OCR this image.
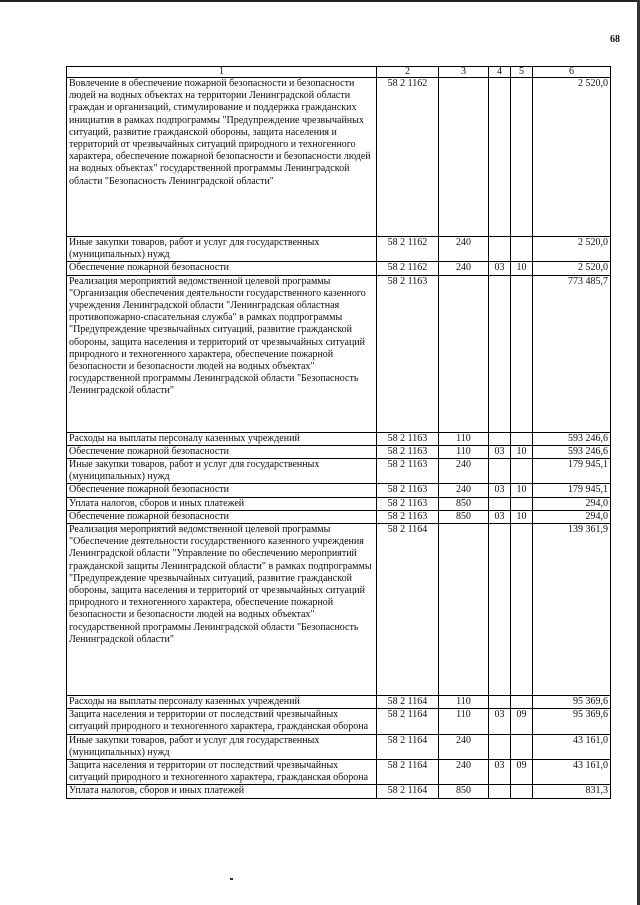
68
1	2	3	4	5	6
Вовлечение в обеспечение пожарной безопасности и безопасности людей на водных объектах на территории Ленинградской области граждан и организаций, стимулирование и поддержка гражданских инициатив в рамках подпрограммы "Предупреждение чрезвычайных ситуаций, развитие гражданской обороны, защита населения и территорий от чрезвычайных ситуаций природного и техногенного характера, обеспечение пожарной безопасности и безопасности людей на водных объектах" государственной программы Ленинградской области "Безопасность Ленинградской области"	58 2 1162				2 520,0
Иные закупки товаров, работ и услуг для государственных (муниципальных) нужд	58 2 1162	240			2 520,0
Обеспечение пожарной безопасности	58 2 1162	240	03	10	2 520,0
Реализация мероприятий ведомственной целевой программы "Организация обеспечения деятельности государственного казенного учреждения Ленинградской области "Ленинградская областная противопожарно-спасательная служба" в рамках подпрограммы "Предупреждение чрезвычайных ситуаций, развитие гражданской обороны, защита населения и территорий от чрезвычайных ситуаций природного и техногенного характера, обеспечение пожарной безопасности и безопасности людей на водных объектах" государственной программы Ленинградской области "Безопасность Ленинградской области"	58 2 1163				773 485,7
Расходы на выплаты персоналу казенных учреждений	58 2 1163	110			593 246,6
Обеспечение пожарной безопасности	58 2 1163	110	03	10	593 246,6
Иные закупки товаров, работ и услуг для государственных (муниципальных) нужд	58 2 1163	240			179 945,1
Обеспечение пожарной безопасности	58 2 1163	240	03	10	179 945,1
Уплата налогов, сборов и иных платежей	58 2 1163	850			294,0
Обеспечение пожарной безопасности	58 2 1163	850	03	10	294,0
Реализация мероприятий ведомственной целевой программы "Обеспечение деятельности государственного казенного учреждения Ленинградской области "Управление по обеспечению мероприятий гражданской защиты Ленинградской области" в рамках подпрограммы "Предупреждение чрезвычайных ситуаций, развитие гражданской обороны, защита населения и территорий от чрезвычайных ситуаций природного и техногенного характера, обеспечение пожарной безопасности и безопасности людей на водных объектах" государственной программы Ленинградской области "Безопасность Ленинградской области"	58 2 1164				139 361,9
Расходы на выплаты персоналу казенных учреждений	58 2 1164	110			95 369,6
Защита населения и территории от последствий чрезвычайных ситуаций природного и техногенного характера, гражданская оборона	58 2 1164	110	03	09	95 369,6
Иные закупки товаров, работ и услуг для государственных (муниципальных) нужд	58 2 1164	240			43 161,0
Защита населения и территории от последствий чрезвычайных ситуаций природного и техногенного характера, гражданская оборона	58 2 1164	240	03	09	43 161,0
Уплата налогов, сборов и иных платежей	58 2 1164	850			831,3
